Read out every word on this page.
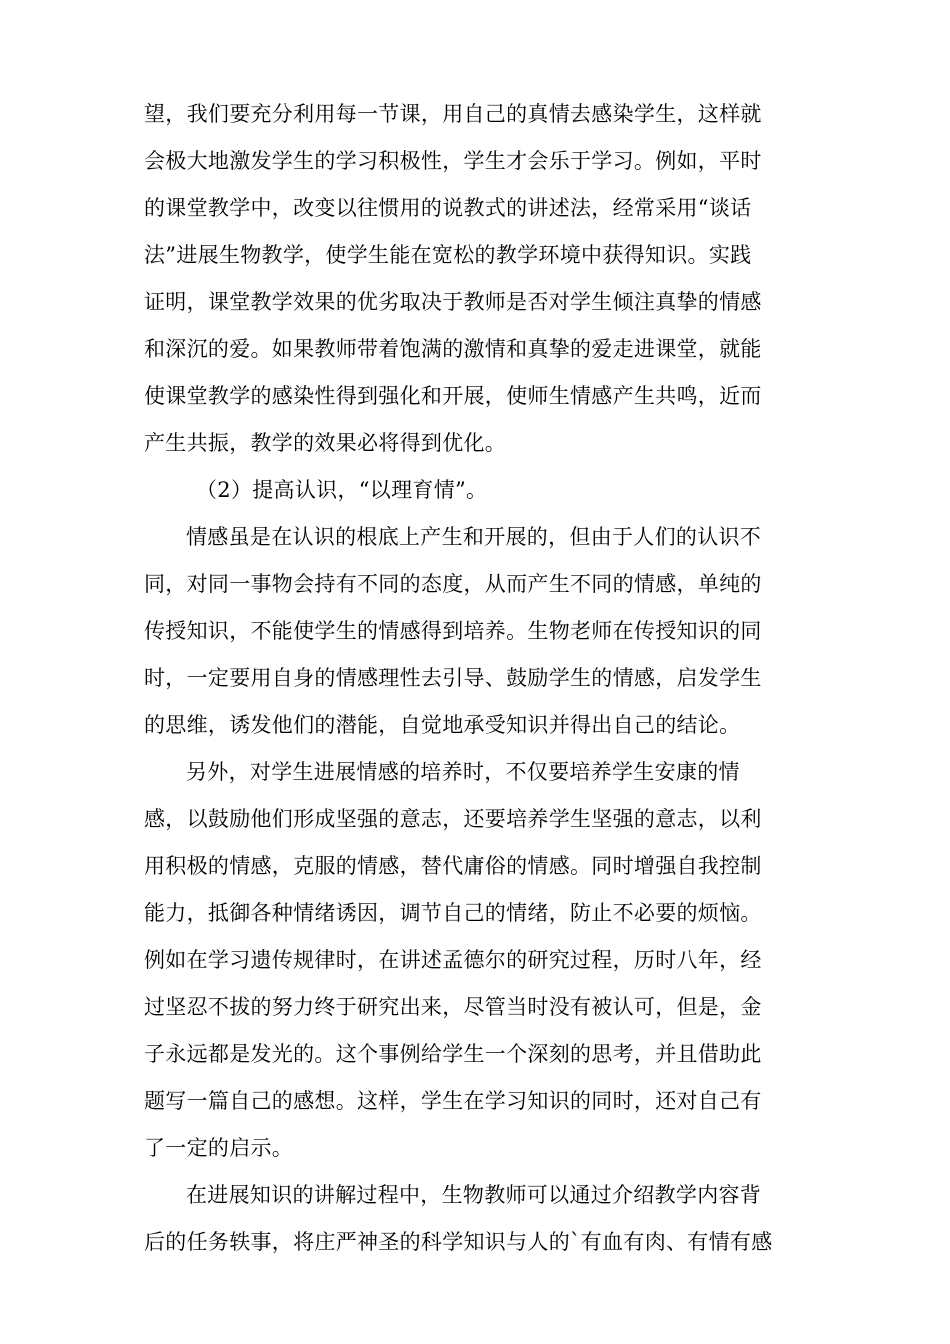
望，我们要充分利用每一节课，用自己的真情去感染学生，这样就
会极大地激发学生的学习积极性，学生才会乐于学习。例如，平时
的课堂教学中，改变以往惯用的说教式的讲述法，经常采用“谈话
法”进展生物教学，使学生能在宽松的教学环境中获得知识。实践
证明，课堂教学效果的优劣取决于教师是否对学生倾注真挚的情感
和深沉的爱。如果教师带着饱满的激情和真挚的爱走进课堂，就能
使课堂教学的感染性得到强化和开展，使师生情感产生共鸣，近而
产生共振，教学的效果必将得到优化。
（2）提高认识，“以理育情”。
情感虽是在认识的根底上产生和开展的，但由于人们的认识不
同，对同一事物会持有不同的态度，从而产生不同的情感，单纯的
传授知识，不能使学生的情感得到培养。生物老师在传授知识的同
时，一定要用自身的情感理性去引导、鼓励学生的情感，启发学生
的思维，诱发他们的潜能，自觉地承受知识并得出自己的结论。
另外，对学生进展情感的培养时，不仅要培养学生安康的情
感，以鼓励他们形成坚强的意志，还要培养学生坚强的意志，以利
用积极的情感，克服的情感，替代庸俗的情感。同时增强自我控制
能力，抵御各种情绪诱因，调节自己的情绪，防止不必要的烦恼。
例如在学习遗传规律时，在讲述孟德尔的研究过程，历时八年，经
过坚忍不拔的努力终于研究出来，尽管当时没有被认可，但是，金
子永远都是发光的。这个事例给学生一个深刻的思考，并且借助此
题写一篇自己的感想。这样，学生在学习知识的同时，还对自己有
了一定的启示。
在进展知识的讲解过程中，生物教师可以通过介绍教学内容背
后的任务轶事，将庄严神圣的科学知识与人的`有血有肉、有情有感
